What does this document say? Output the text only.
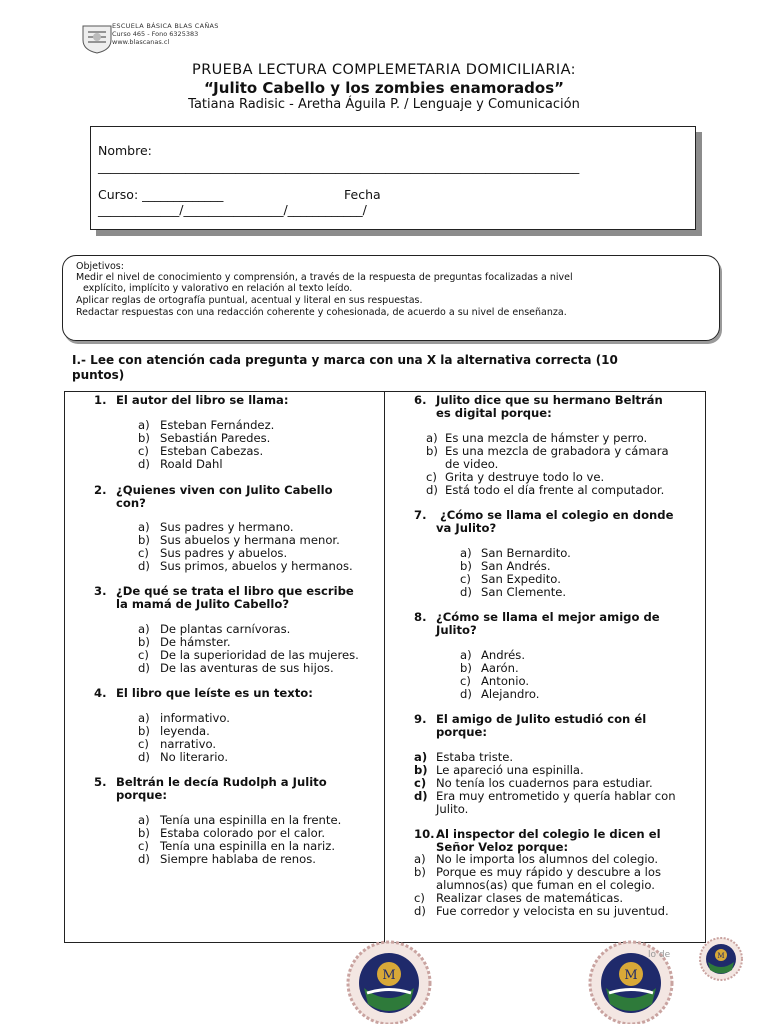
ESCUELA BÁSICA BLAS CAÑAS
Curso 465 - Fono 6325383
www.blascanas.cl
PRUEBA LECTURA COMPLEMETARIA DOMICILIARIA:
“Julito Cabello y los zombies enamorados”
Tatiana Radisic - Aretha Águila P. / Lenguaje y Comunicación
Nombre:
_____________________________________________________________________________
Curso: _____________	Fecha
_____________/________________/____________/
Objetivos:
Medir el nivel de conocimiento y comprensión, a través de la respuesta de preguntas focalizadas a nivel
explícito, implícito y valorativo en relación al texto leído.
Aplicar reglas de ortografía puntual, acentual y literal en sus respuestas.
Redactar respuestas con una redacción coherente y cohesionada, de acuerdo a su nivel de enseñanza.
I.- Lee con atención cada pregunta y marca con una X la alternativa correcta (10
puntos)
1. El autor del libro se llama:
a) Esteban Fernández.
b) Sebastián Paredes.
c) Esteban Cabezas.
d) Roald Dahl
2. ¿Quienes viven con Julito Cabello
con?
a) Sus padres y hermano.
b) Sus abuelos y hermana menor.
c) Sus padres y abuelos.
d) Sus primos, abuelos y hermanos.
3. ¿De qué se trata el libro que escribe
la mamá de Julito Cabello?
a) De plantas carnívoras.
b) De hámster.
c) De la superioridad de las mujeres.
d) De las aventuras de sus hijos.
4. El libro que leíste es un texto:
a) informativo.
b) leyenda.
c) narrativo.
d) No literario.
5. Beltrán le decía Rudolph a Julito
porque:
a) Tenía una espinilla en la frente.
b) Estaba colorado por el calor.
c) Tenía una espinilla en la nariz.
d) Siempre hablaba de renos.
6. Julito dice que su hermano Beltrán
es digital porque:
a) Es una mezcla de hámster y perro.
b) Es una mezcla de grabadora y cámara
de video.
c) Grita y destruye todo lo ve.
d) Está todo el día frente al computador.
7. ¿Cómo se llama el colegio en donde
va Julito?
a) San Bernardito.
b) San Andrés.
c) San Expedito.
d) San Clemente.
8. ¿Cómo se llama el mejor amigo de
Julito?
a) Andrés.
b) Aarón.
c) Antonio.
d) Alejandro.
9. El amigo de Julito estudió con él
porque:
a) Estaba triste.
b) Le apareció una espinilla.
c) No tenía los cuadernos para estudiar.
d) Era muy entrometido y quería hablar con
Julito.
10. Al inspector del colegio le dicen el
Señor Veloz porque:
a) No le importa los alumnos del colegio.
b) Porque es muy rápido y descubre a los
alumnos(as) que fuman en el colegio.
c) Realizar clases de matemáticas.
d) Fue corredor y velocista en su juventud.
M	M
lo de	M
